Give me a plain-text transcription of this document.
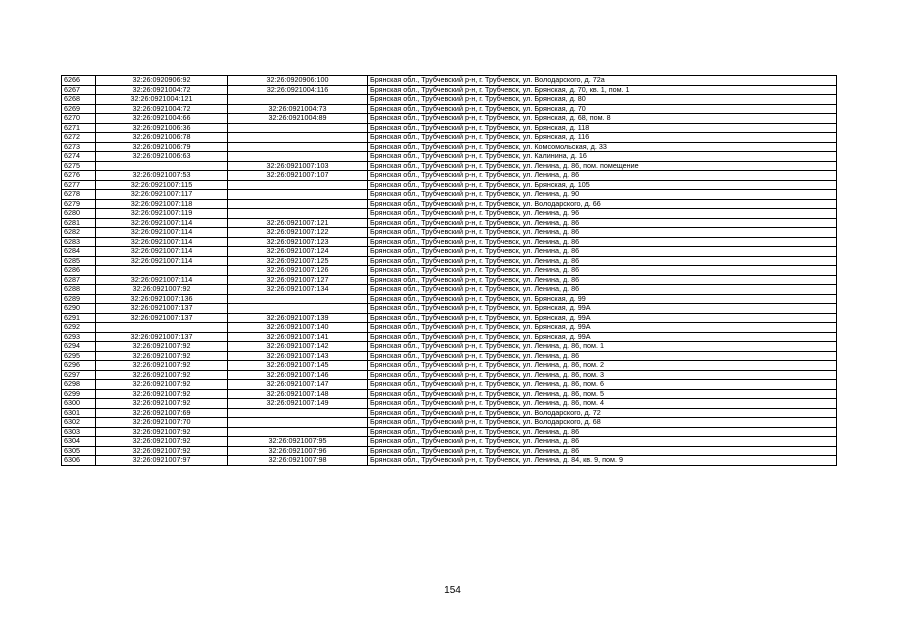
6266	32:26:0920906:92	32:26:0920906:100	Брянская обл., Трубчевский р-н, г. Трубчевск, ул. Володарского, д. 72а
6267	32:26:0921004:72	32:26:0921004:116	Брянская обл., Трубчевский р-н, г. Трубчевск, ул. Брянская, д. 70, кв. 1, пом. 1
6268	32:26:0921004:121		Брянская обл., Трубчевский р-н, г. Трубчевск, ул. Брянская, д. 80
6269	32:26:0921004:72	32:26:0921004:73	Брянская обл., Трубчевский р-н, г. Трубчевск, ул. Брянская, д. 70
6270	32:26:0921004:66	32:26:0921004:89	Брянская обл., Трубчевский р-н, г. Трубчевск, ул. Брянская, д. 68, пом. 8
6271	32:26:0921006:36		Брянская обл., Трубчевский р-н, г. Трубчевск, ул. Брянская, д. 118
6272	32:26:0921006:78		Брянская обл., Трубчевский р-н, г. Трубчевск, ул. Брянская, д. 116
6273	32:26:0921006:79		Брянская обл., Трубчевский р-н, г. Трубчевск, ул. Комсомольская, д. 33
6274	32:26:0921006:63		Брянская обл., Трубчевский р-н, г. Трубчевск, ул. Калинина, д. 16
6275		32:26:0921007:103	Брянская обл., Трубчевский р-н, г. Трубчевск, ул. Ленина, д. 86, пом. помещение
6276	32:26:0921007:53	32:26:0921007:107	Брянская обл., Трубчевский р-н, г. Трубчевск, ул. Ленина, д. 86
6277	32:26:0921007:115		Брянская обл., Трубчевский р-н, г. Трубчевск, ул. Брянская, д. 105
6278	32:26:0921007:117		Брянская обл., Трубчевский р-н, г. Трубчевск, ул. Ленина, д. 90
6279	32:26:0921007:118		Брянская обл., Трубчевский р-н, г. Трубчевск, ул. Володарского, д. 66
6280	32:26:0921007:119		Брянская обл., Трубчевский р-н, г. Трубчевск, ул. Ленина, д. 96
6281	32:26:0921007:114	32:26:0921007:121	Брянская обл., Трубчевский р-н, г. Трубчевск, ул. Ленина, д. 86
6282	32:26:0921007:114	32:26:0921007:122	Брянская обл., Трубчевский р-н, г. Трубчевск, ул. Ленина, д. 86
6283	32:26:0921007:114	32:26:0921007:123	Брянская обл., Трубчевский р-н, г. Трубчевск, ул. Ленина, д. 86
6284	32:26:0921007:114	32:26:0921007:124	Брянская обл., Трубчевский р-н, г. Трубчевск, ул. Ленина, д. 86
6285	32:26:0921007:114	32:26:0921007:125	Брянская обл., Трубчевский р-н, г. Трубчевск, ул. Ленина, д. 86
6286		32:26:0921007:126	Брянская обл., Трубчевский р-н, г. Трубчевск, ул. Ленина, д. 86
6287	32:26:0921007:114	32:26:0921007:127	Брянская обл., Трубчевский р-н, г. Трубчевск, ул. Ленина, д. 86
6288	32:26:0921007:92	32:26:0921007:134	Брянская обл., Трубчевский р-н, г. Трубчевск, ул. Ленина, д. 86
6289	32:26:0921007:136		Брянская обл., Трубчевский р-н, г. Трубчевск, ул. Брянская, д. 99
6290	32:26:0921007:137		Брянская обл., Трубчевский р-н, г. Трубчевск, ул. Брянская, д. 99А
6291	32:26:0921007:137	32:26:0921007:139	Брянская обл., Трубчевский р-н, г. Трубчевск, ул. Брянская, д. 99А
6292		32:26:0921007:140	Брянская обл., Трубчевский р-н, г. Трубчевск, ул. Брянская, д. 99А
6293	32:26:0921007:137	32:26:0921007:141	Брянская обл., Трубчевский р-н, г. Трубчевск, ул. Брянская, д. 99А
6294	32:26:0921007:92	32:26:0921007:142	Брянская обл., Трубчевский р-н, г. Трубчевск, ул. Ленина, д. 86, пом. 1
6295	32:26:0921007:92	32:26:0921007:143	Брянская обл., Трубчевский р-н, г. Трубчевск, ул. Ленина, д. 86
6296	32:26:0921007:92	32:26:0921007:145	Брянская обл., Трубчевский р-н, г. Трубчевск, ул. Ленина, д. 86, пом. 2
6297	32:26:0921007:92	32:26:0921007:146	Брянская обл., Трубчевский р-н, г. Трубчевск, ул. Ленина, д. 86, пом. 3
6298	32:26:0921007:92	32:26:0921007:147	Брянская обл., Трубчевский р-н, г. Трубчевск, ул. Ленина, д. 86, пом. 6
6299	32:26:0921007:92	32:26:0921007:148	Брянская обл., Трубчевский р-н, г. Трубчевск, ул. Ленина, д. 86, пом. 5
6300	32:26:0921007:92	32:26:0921007:149	Брянская обл., Трубчевский р-н, г. Трубчевск, ул. Ленина, д. 86, пом. 4
6301	32:26:0921007:69		Брянская обл., Трубчевский р-н, г. Трубчевск, ул. Володарского, д. 72
6302	32:26:0921007:70		Брянская обл., Трубчевский р-н, г. Трубчевск, ул. Володарского, д. 68
6303	32:26:0921007:92		Брянская обл., Трубчевский р-н, г. Трубчевск, ул. Ленина, д. 86
6304	32:26:0921007:92	32:26:0921007:95	Брянская обл., Трубчевский р-н, г. Трубчевск, ул. Ленина, д. 86
6305	32:26:0921007:92	32:26:0921007:96	Брянская обл., Трубчевский р-н, г. Трубчевск, ул. Ленина, д. 86
6306	32:26:0921007:97	32:26:0921007:98	Брянская обл., Трубчевский р-н, г. Трубчевск, ул. Ленина, д. 84, кв. 9, пом. 9
154
